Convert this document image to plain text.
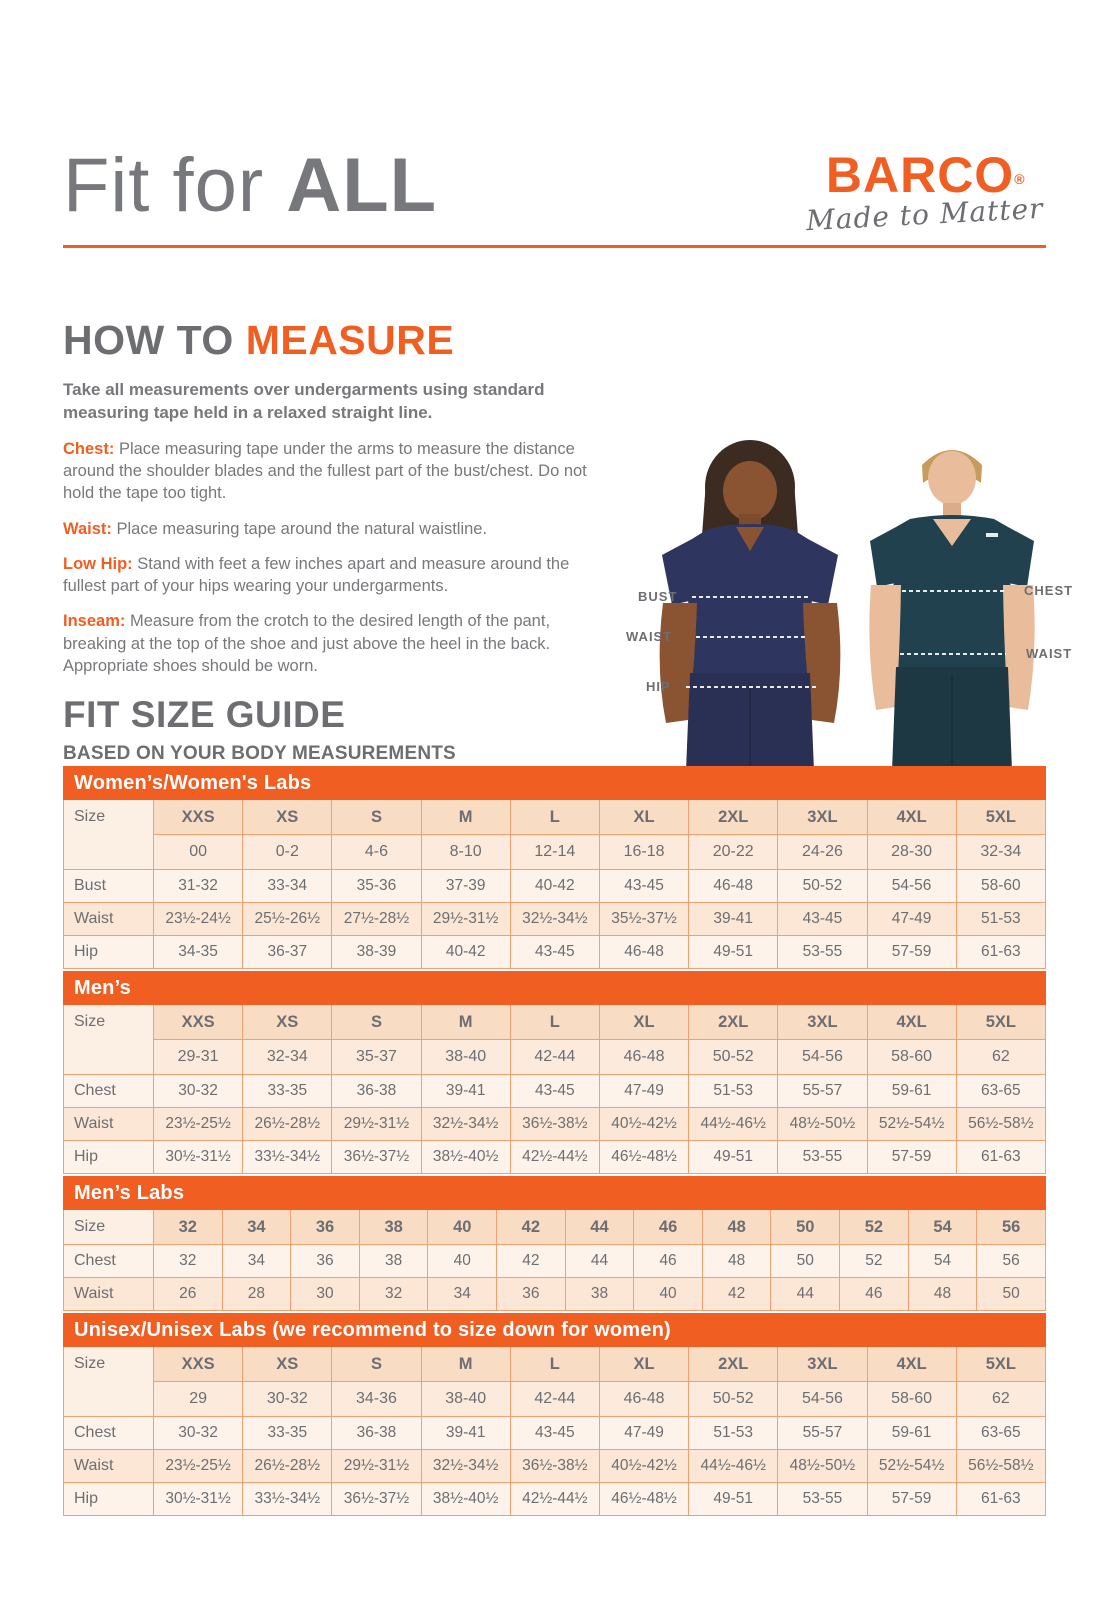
Fit for ALL	BARCO®
Made to Matter
HOW TO MEASURE
Take all measurements over undergarments using standard measuring tape held in a relaxed straight line.
Chest: Place measuring tape under the arms to measure the distance around the shoulder blades and the fullest part of the bust/chest. Do not hold the tape too tight.
Waist: Place measuring tape around the natural waistline.
Low Hip: Stand with feet a few inches apart and measure around the fullest part of your hips wearing your undergarments.
Inseam: Measure from the crotch to the desired length of the pant, breaking at the top of the shoe and just above the heel in the back. Appropriate shoes should be worn.
BUST
WAIST
HIP
CHEST
WAIST
FIT SIZE GUIDE
BASED ON YOUR BODY MEASUREMENTS
Women’s/Women's Labs										
Size	XXS	XS	S	M	L	XL	2XL	3XL	4XL	5XL
	00	0-2	4-6	8-10	12-14	16-18	20-22	24-26	28-30	32-34
Bust	31-32	33-34	35-36	37-39	40-42	43-45	46-48	50-52	54-56	58-60
Waist	23½-24½	25½-26½	27½-28½	29½-31½	32½-34½	35½-37½	39-41	43-45	47-49	51-53
Hip	34-35	36-37	38-39	40-42	43-45	46-48	49-51	53-55	57-59	61-63
Men’s										
Size	XXS	XS	S	M	L	XL	2XL	3XL	4XL	5XL
	29-31	32-34	35-37	38-40	42-44	46-48	50-52	54-56	58-60	62
Chest	30-32	33-35	36-38	39-41	43-45	47-49	51-53	55-57	59-61	63-65
Waist	23½-25½	26½-28½	29½-31½	32½-34½	36½-38½	40½-42½	44½-46½	48½-50½	52½-54½	56½-58½
Hip	30½-31½	33½-34½	36½-37½	38½-40½	42½-44½	46½-48½	49-51	53-55	57-59	61-63
Men’s Labs													
Size	32	34	36	38	40	42	44	46	48	50	52	54	56
Chest	32	34	36	38	40	42	44	46	48	50	52	54	56
Waist	26	28	30	32	34	36	38	40	42	44	46	48	50
Unisex/Unisex Labs (we recommend to size down for women)										
Size	XXS	XS	S	M	L	XL	2XL	3XL	4XL	5XL
	29	30-32	34-36	38-40	42-44	46-48	50-52	54-56	58-60	62
Chest	30-32	33-35	36-38	39-41	43-45	47-49	51-53	55-57	59-61	63-65
Waist	23½-25½	26½-28½	29½-31½	32½-34½	36½-38½	40½-42½	44½-46½	48½-50½	52½-54½	56½-58½
Hip	30½-31½	33½-34½	36½-37½	38½-40½	42½-44½	46½-48½	49-51	53-55	57-59	61-63
